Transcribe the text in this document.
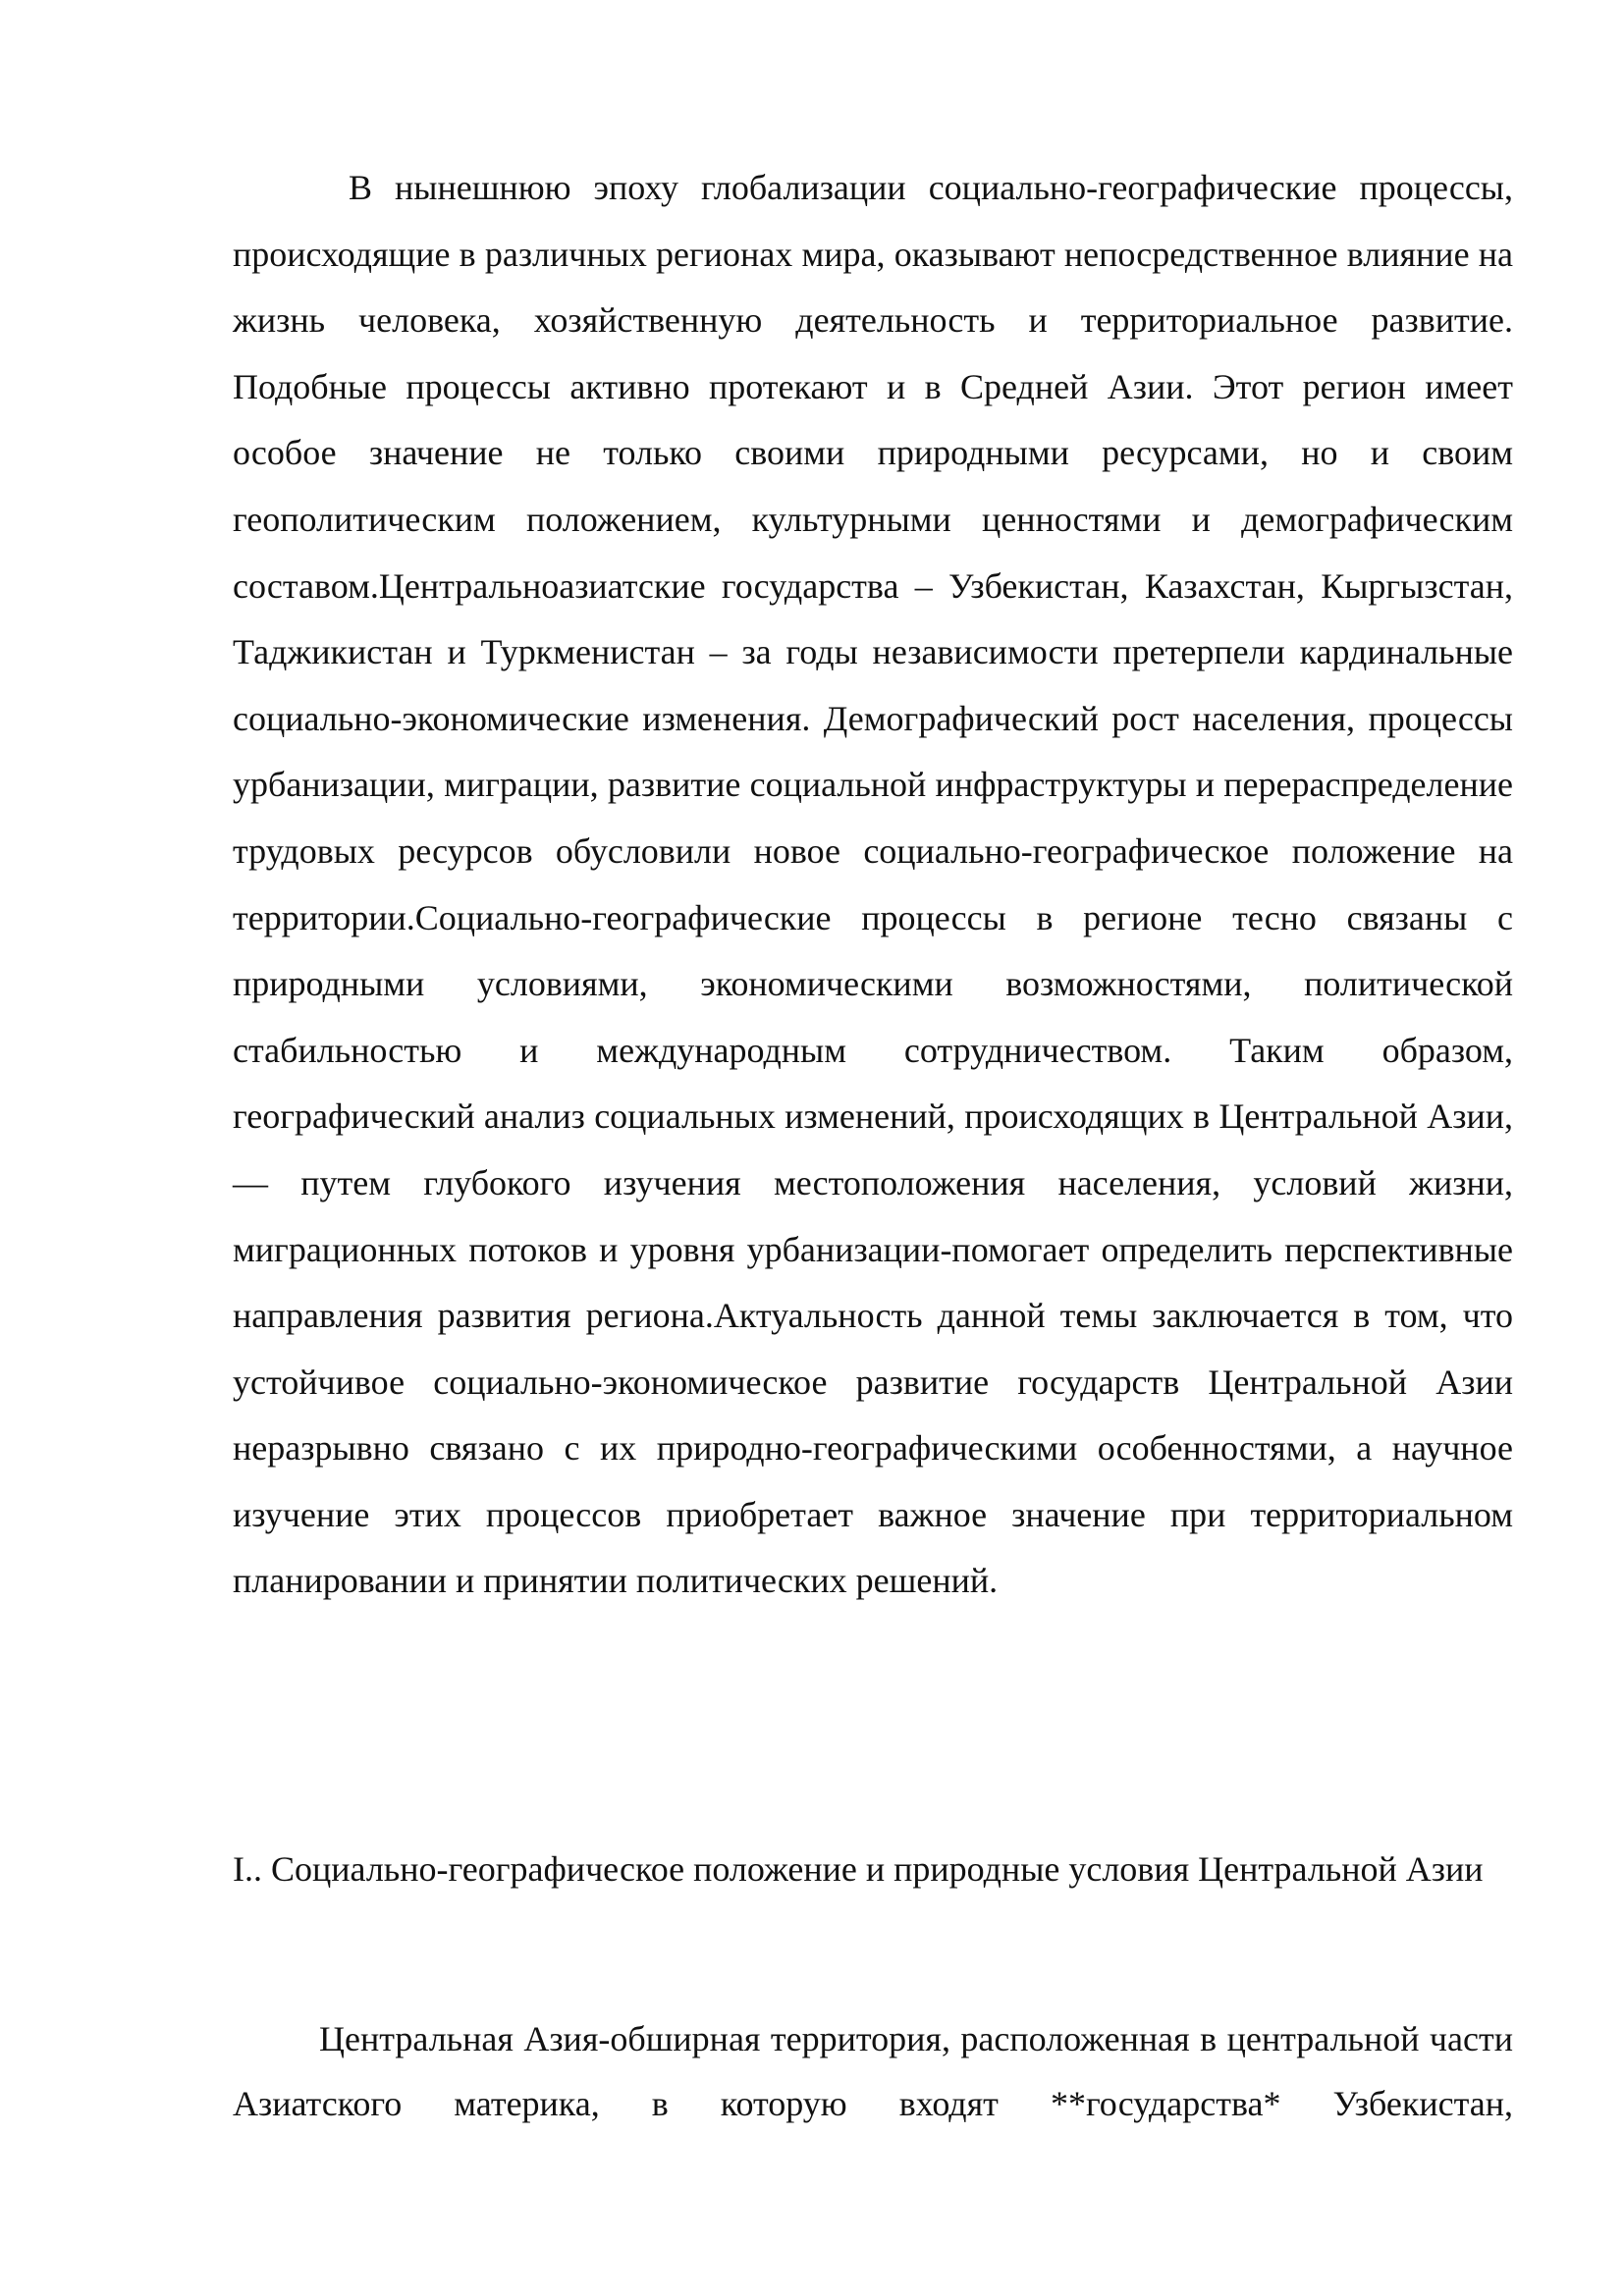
В нынешнюю эпоху глобализации социально-географические процессы, происходящие в различных регионах мира, оказывают непосредственное влияние на жизнь человека, хозяйственную деятельность и территориальное развитие. Подобные процессы активно протекают и в Средней Азии. Этот регион имеет особое значение не только своими природными ресурсами, но и своим геополитическим положением, культурными ценностями и демографическим составом.Центральноазиатские государства – Узбекистан, Казахстан, Кыргызстан, Таджикистан и Туркменистан – за годы независимости претерпели кардинальные социально-экономические изменения. Демографический рост населения, процессы урбанизации, миграции, развитие социальной инфраструктуры и перераспределение трудовых ресурсов обусловили новое социально-географическое положение на территории.Социально-географические процессы в регионе тесно связаны с природными условиями, экономическими возможностями, политической стабильностью и международным сотрудничеством. Таким образом, географический анализ социальных изменений, происходящих в Центральной Азии, — путем глубокого изучения местоположения населения, условий жизни, миграционных потоков и уровня урбанизации-помогает определить перспективные направления развития региона.Актуальность данной темы заключается в том, что устойчивое социально-экономическое развитие государств Центральной Азии неразрывно связано с их природно-географическими особенностями, а научное изучение этих процессов приобретает важное значение при территориальном планировании и принятии политических решений.

I.. Социально-географическое положение и природные условия Центральной Азии

Центральная Азия-обширная территория, расположенная в центральной части Азиатского материка, в которую входят **государства* Узбекистан,
